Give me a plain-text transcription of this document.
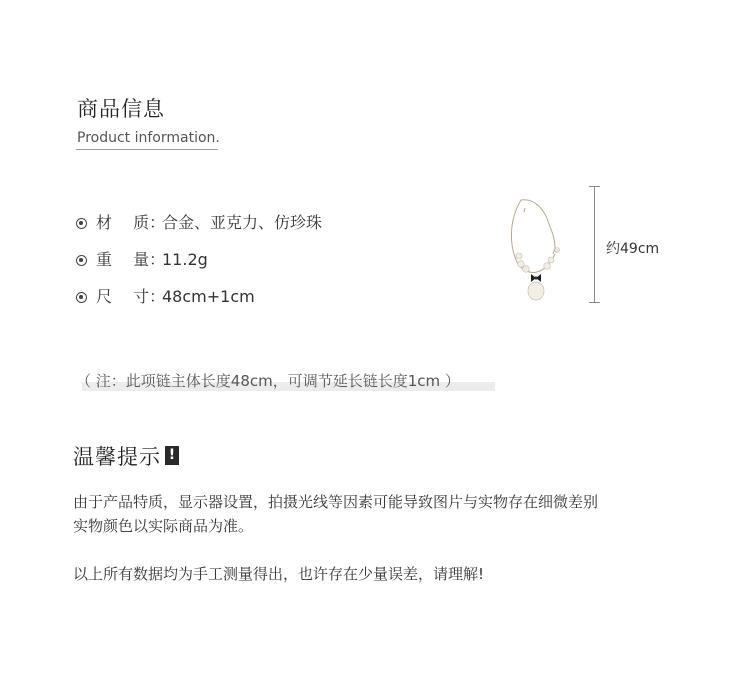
商品信息
Product information.
材　 质：合金、亚克力、仿珍珠
重　 量：11.2g
尺　 寸：48cm+1cm
约49cm
（ 注：此项链主体长度48cm，可调节延长链长度1cm ）
温馨提示 !
由于产品特质，显示器设置，拍摄光线等因素可能导致图片与实物存在细微差别
实物颜色以实际商品为准。
以上所有数据均为手工测量得出，也许存在少量误差，请理解!
